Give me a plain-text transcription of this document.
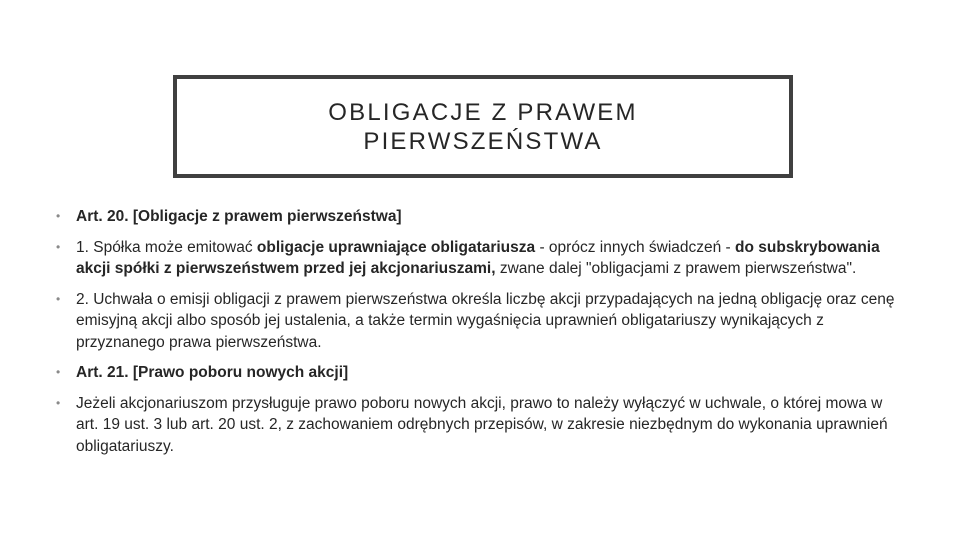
OBLIGACJE Z PRAWEM
PIERWSZEŃSTWA
• Art. 20. [Obligacje z prawem pierwszeństwa]
• 1. Spółka może emitować obligacje uprawniające obligatariusza - oprócz innych świadczeń - do subskrybowania akcji spółki z pierwszeństwem przed jej akcjonariuszami, zwane dalej "obligacjami z prawem pierwszeństwa".
• 2. Uchwała o emisji obligacji z prawem pierwszeństwa określa liczbę akcji przypadających na jedną obligację oraz cenę emisyjną akcji albo sposób jej ustalenia, a także termin wygaśnięcia uprawnień obligatariuszy wynikających z przyznanego prawa pierwszeństwa.
• Art. 21. [Prawo poboru nowych akcji]
• Jeżeli akcjonariuszom przysługuje prawo poboru nowych akcji, prawo to należy wyłączyć w uchwale, o której mowa w art. 19 ust. 3 lub art. 20 ust. 2, z zachowaniem odrębnych przepisów, w zakresie niezbędnym do wykonania uprawnień obligatariuszy.
